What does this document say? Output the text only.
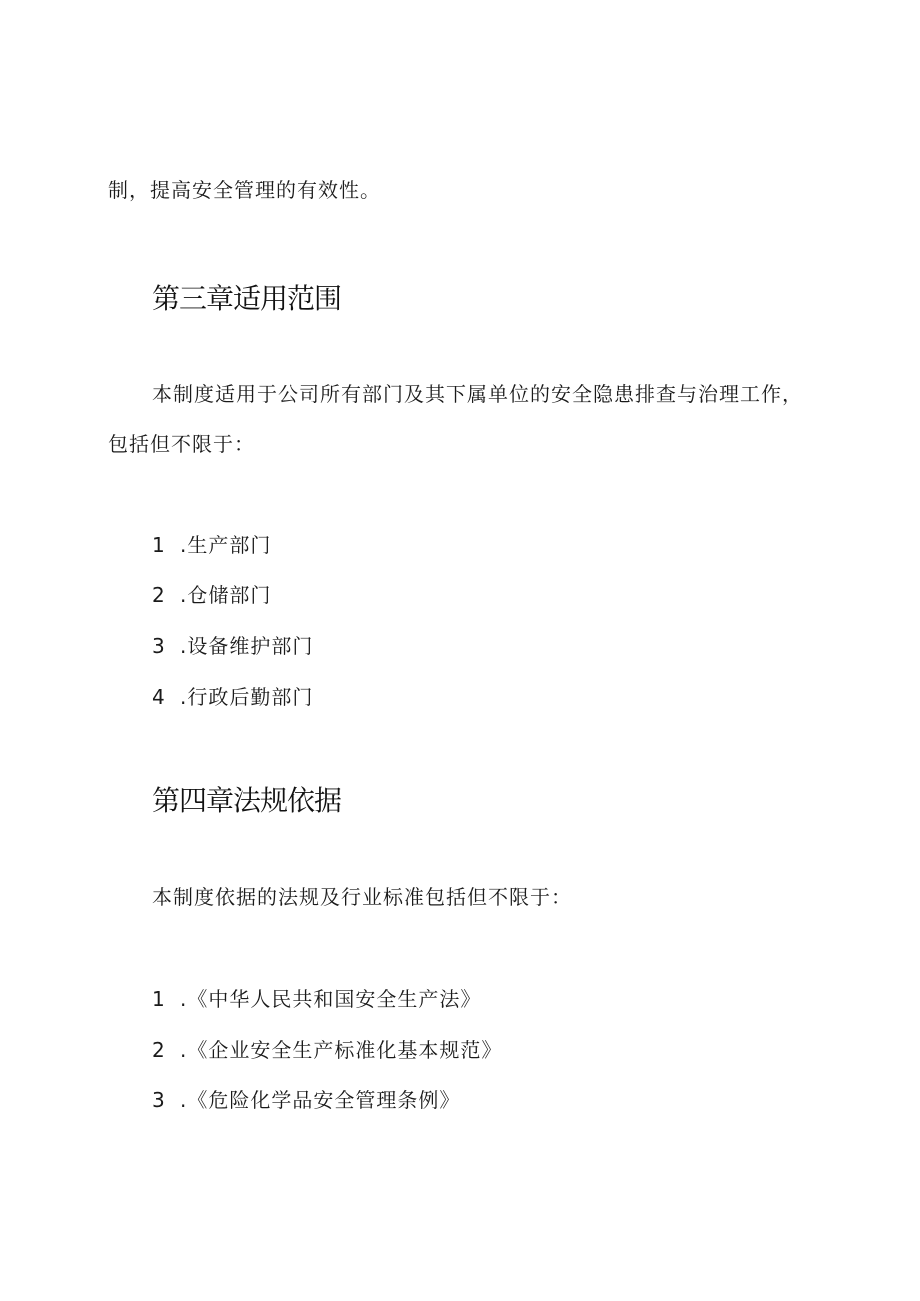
制，提高安全管理的有效性。
第三章适用范围
本制度适用于公司所有部门及其下属单位的安全隐患排查与治理工作，
包括但不限于：
1 .生产部门
2 .仓储部门
3 .设备维护部门
4 .行政后勤部门
第四章法规依据
本制度依据的法规及行业标准包括但不限于：
1 .《中华人民共和国安全生产法》
2 .《企业安全生产标准化基本规范》
3 .《危险化学品安全管理条例》
